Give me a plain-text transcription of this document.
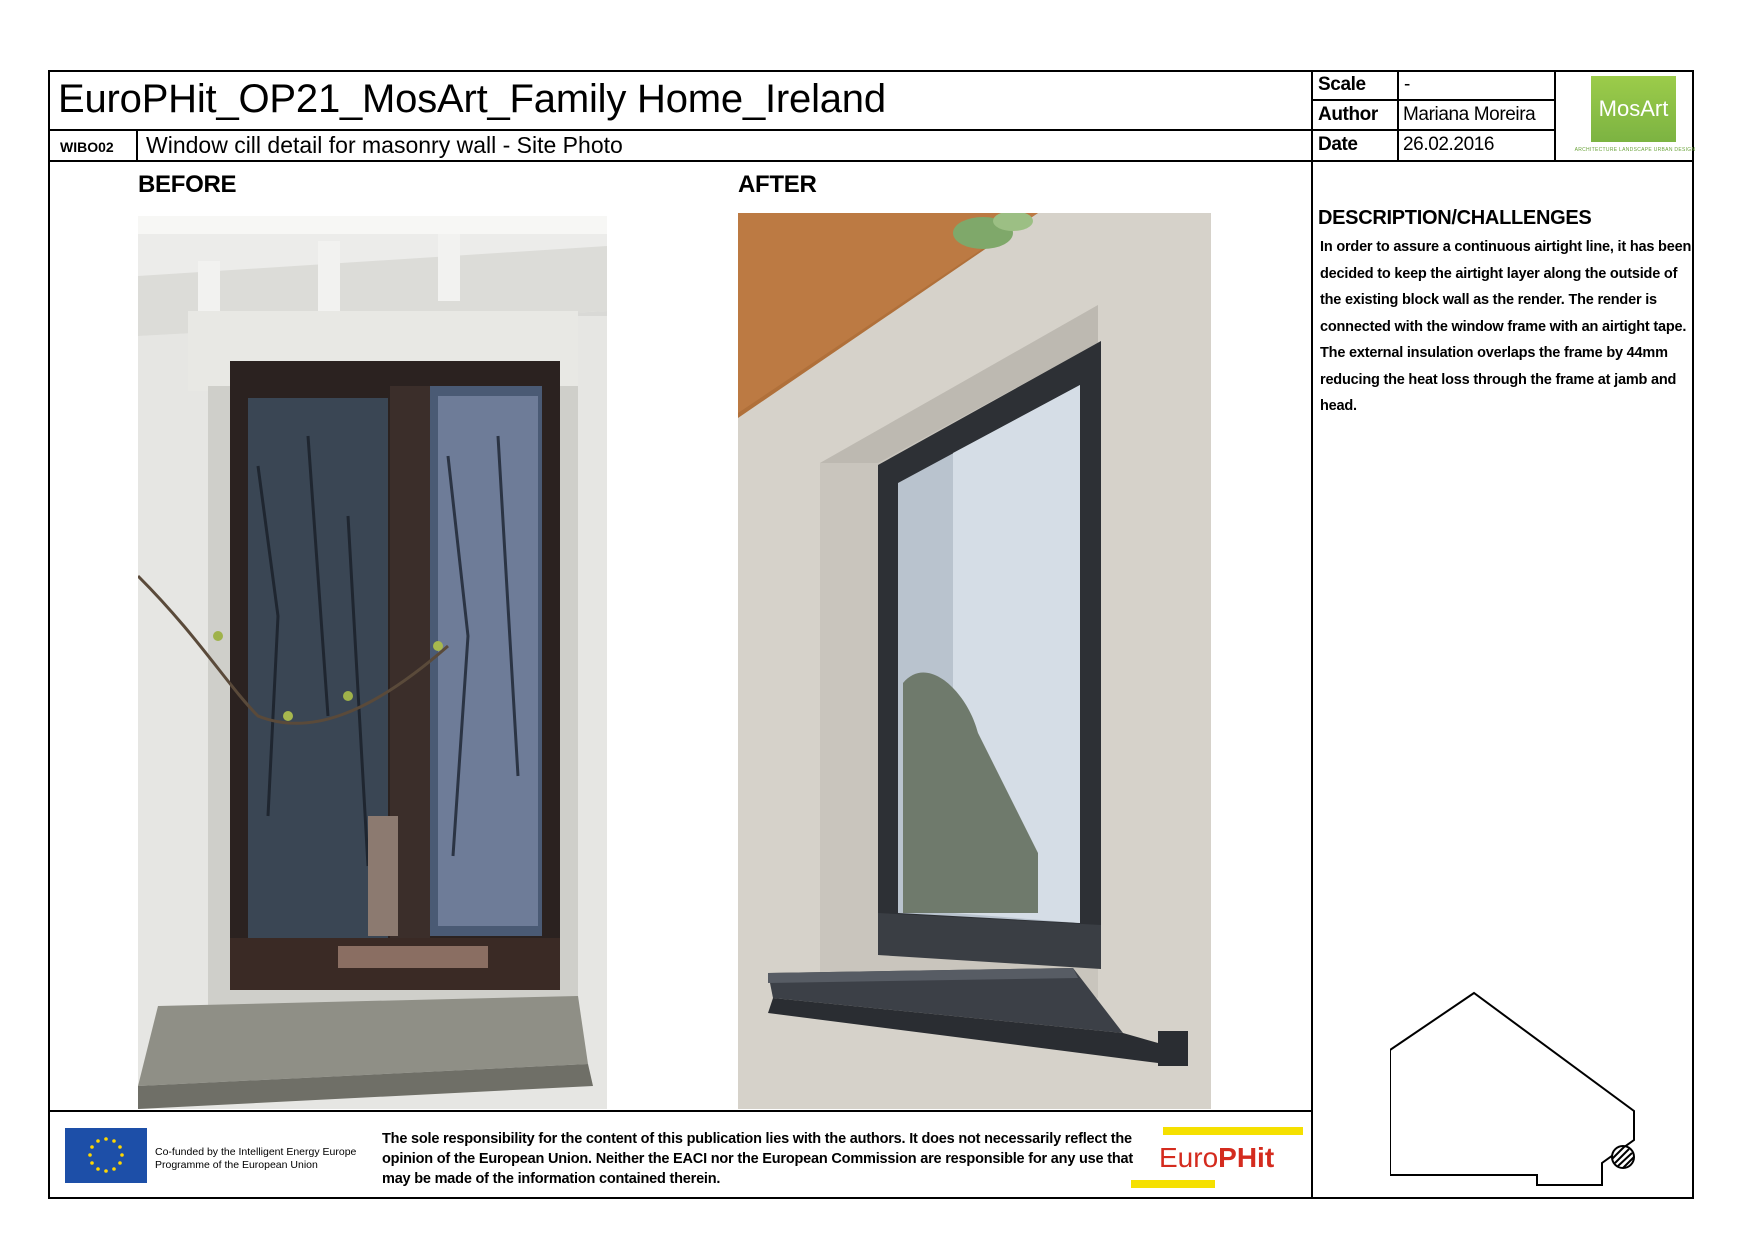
EuroPHit_OP21_MosArt_Family Home_Ireland
WIBO02 Window cill detail for masonry wall - Site Photo
Scale -
Author Mariana Moreira
Date 26.02.2016
MosArt
ARCHITECTURE LANDSCAPE URBAN DESIGN
BEFORE	AFTER
DESCRIPTION/CHALLENGES
In order to assure a continuous airtight line, it has been decided to keep the airtight layer along the outside of the existing block wall as the render. The render is connected with the window frame with an airtight tape. The external insulation overlaps the frame by 44mm reducing the heat loss through the frame at jamb and head.
Co-funded by the Intelligent Energy Europe
Programme of the European Union
The sole responsibility for the content of this publication lies with the authors. It does not necessarily reflect the opinion of the European Union. Neither the EACI nor the European Commission are responsible for any use that may be made of the information contained therein.
EuroPHit
